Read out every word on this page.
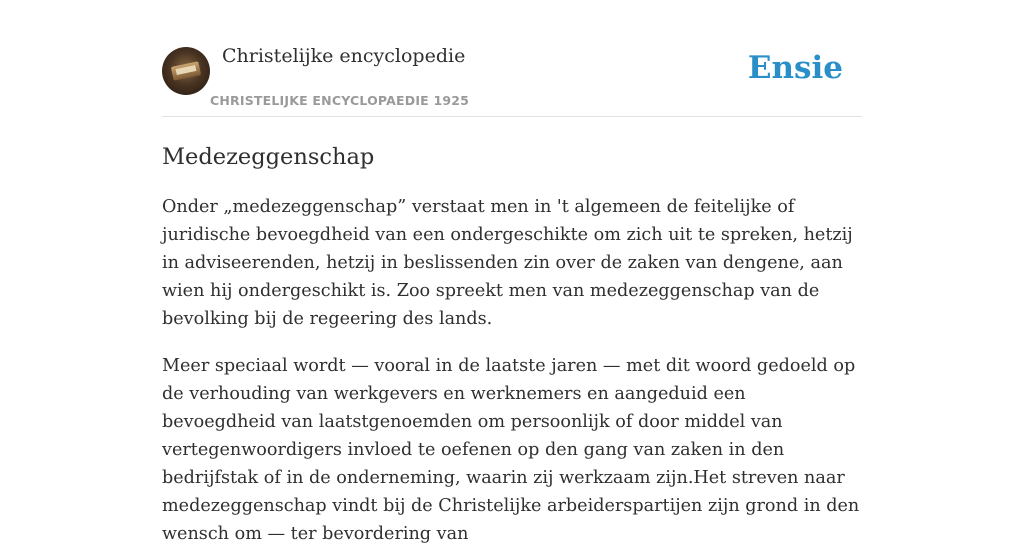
Christelijke encyclopedie
CHRISTELIJKE ENCYCLOPAEDIE 1925
Ensie
Medezeggenschap

Onder „medezeggenschap” verstaat men in 't algemeen de feitelijke of juridische bevoegdheid van een ondergeschikte om zich uit te spreken, hetzij in adviseerenden, hetzij in beslissenden zin over de zaken van dengene, aan wien hij ondergeschikt is. Zoo spreekt men van medezeggenschap van de bevolking bij de regeering des lands.

Meer speciaal wordt — vooral in de laatste jaren — met dit woord gedoeld op de verhouding van werkgevers en werknemers en aangeduid een bevoegdheid van laatstgenoemden om persoonlijk of door middel van vertegenwoordigers invloed te oefenen op den gang van zaken in den bedrijfstak of in de onderneming, waarin zij werkzaam zijn.Het streven naar medezeggenschap vindt bij de Christelijke arbeiderspartijen zijn grond in den wensch om — ter bevordering van
